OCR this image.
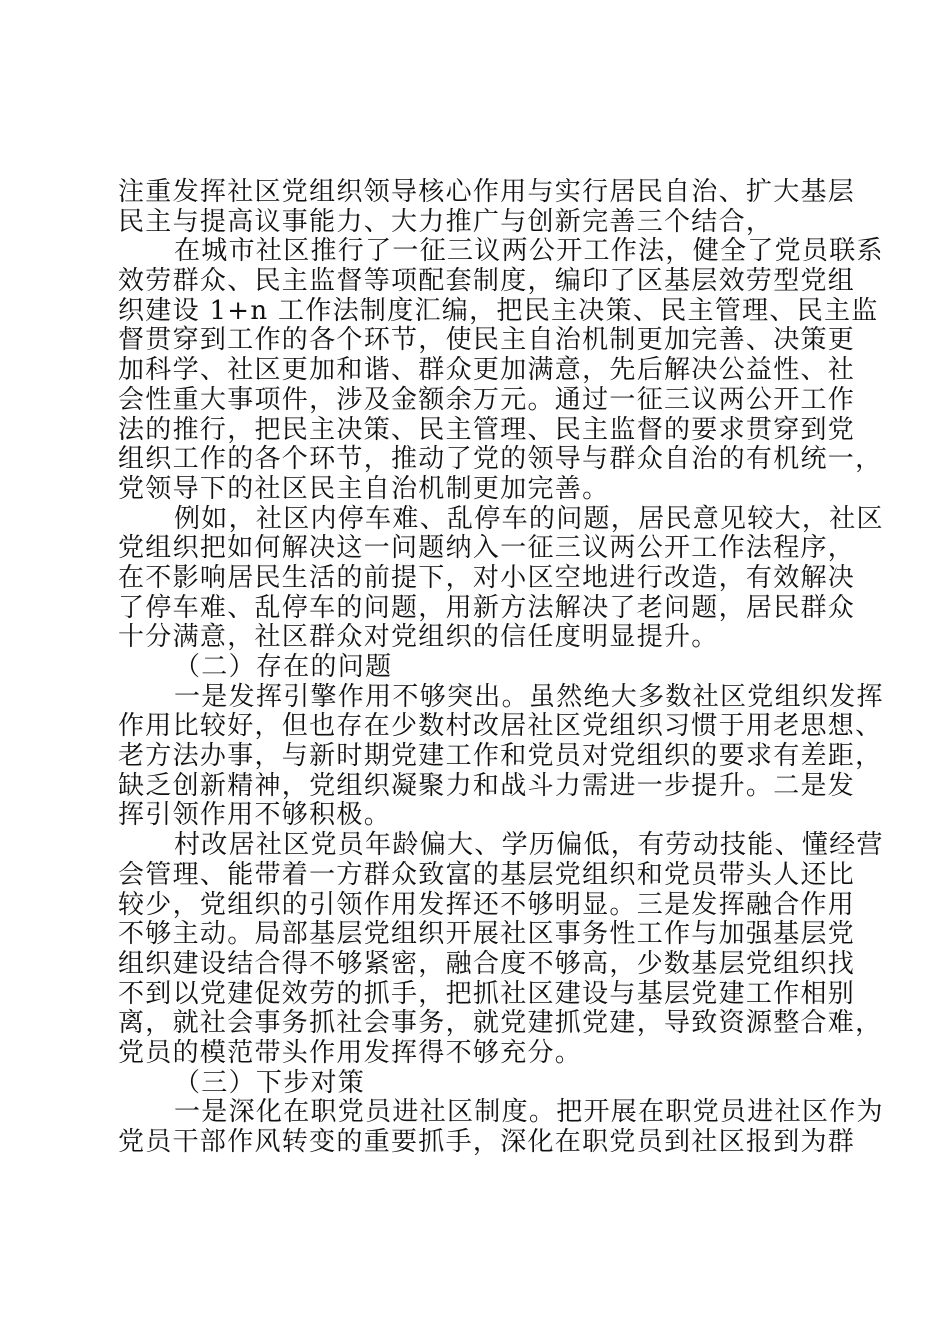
注重发挥社区党组织领导核心作用与实行居民自治、扩大基层
民主与提高议事能力、大力推广与创新完善三个结合，
在城市社区推行了一征三议两公开工作法，健全了党员联系
效劳群众、民主监督等项配套制度，编印了区基层效劳型党组
织建设 1+n 工作法制度汇编，把民主决策、民主管理、民主监
督贯穿到工作的各个环节，使民主自治机制更加完善、决策更
加科学、社区更加和谐、群众更加满意，先后解决公益性、社
会性重大事项件，涉及金额余万元。通过一征三议两公开工作
法的推行，把民主决策、民主管理、民主监督的要求贯穿到党
组织工作的各个环节，推动了党的领导与群众自治的有机统一，
党领导下的社区民主自治机制更加完善。
例如，社区内停车难、乱停车的问题，居民意见较大，社区
党组织把如何解决这一问题纳入一征三议两公开工作法程序，
在不影响居民生活的前提下，对小区空地进行改造，有效解决
了停车难、乱停车的问题，用新方法解决了老问题，居民群众
十分满意，社区群众对党组织的信任度明显提升。
（二）存在的问题
一是发挥引擎作用不够突出。虽然绝大多数社区党组织发挥
作用比较好，但也存在少数村改居社区党组织习惯于用老思想、
老方法办事，与新时期党建工作和党员对党组织的要求有差距，
缺乏创新精神，党组织凝聚力和战斗力需进一步提升。二是发
挥引领作用不够积极。
村改居社区党员年龄偏大、学历偏低，有劳动技能、懂经营
会管理、能带着一方群众致富的基层党组织和党员带头人还比
较少，党组织的引领作用发挥还不够明显。三是发挥融合作用
不够主动。局部基层党组织开展社区事务性工作与加强基层党
组织建设结合得不够紧密，融合度不够高，少数基层党组织找
不到以党建促效劳的抓手，把抓社区建设与基层党建工作相别
离，就社会事务抓社会事务，就党建抓党建，导致资源整合难，
党员的模范带头作用发挥得不够充分。
（三）下步对策
一是深化在职党员进社区制度。把开展在职党员进社区作为
党员干部作风转变的重要抓手，深化在职党员到社区报到为群
